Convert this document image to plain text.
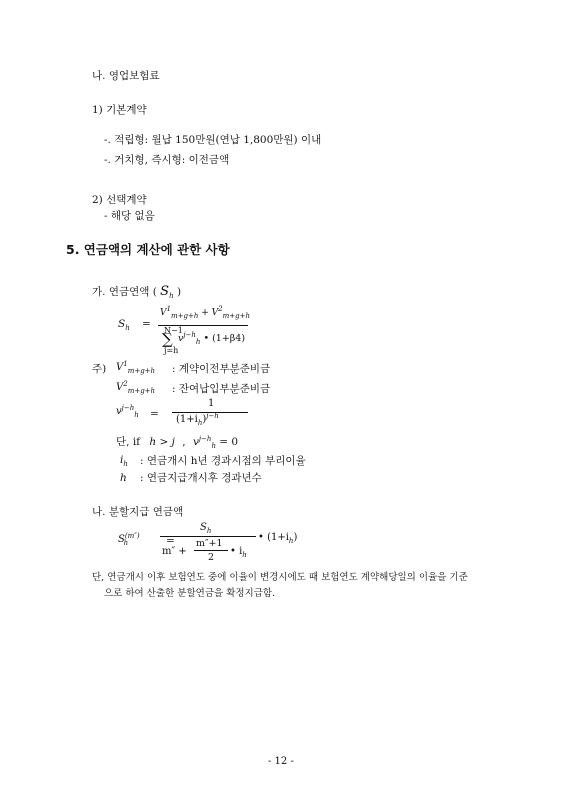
나. 영업보험료
1) 기본계약
-. 적립형: 월납 150만원(연납 1,800만원) 이내
-. 거치형, 즉시형: 이전금액
2) 선택계약
- 해당 없음
5. 연금액의 계산에 관한 사항
가. 연금연액 ( $S_h$ )
$S_h$ =
$V^1_{m+g+h} + V^2_{m+g+h}$
N−1
∑
j=h
$v^{j-h}_h$ • (1+β4)
주) $V^1_{m+g+h}$ : 계약이전부분준비금
$V^2_{m+g+h}$ : 잔여납입부분준비금
$v^{j-h}_h$ =
1
$(1+i_h)^{j-h}$
단, if h > j , $v^{j-h}_h = 0$
$i_h$ : 연금개시 h년 경과시점의 부리이율
h : 연금지급개시후 경과년수
나. 분할지급 연금액
$S^{(m'')}_h$	=
$S_h$
m″ +
m″+1
2
• $i_h$
• $(1+i_h)$
단, 연금개시 이후 보험연도 중에 이율이 변경시에도 때 보험연도 계약해당일의 이율을 기준
으로 하여 산출한 분할연금을 확정지급함.
- 12 -
